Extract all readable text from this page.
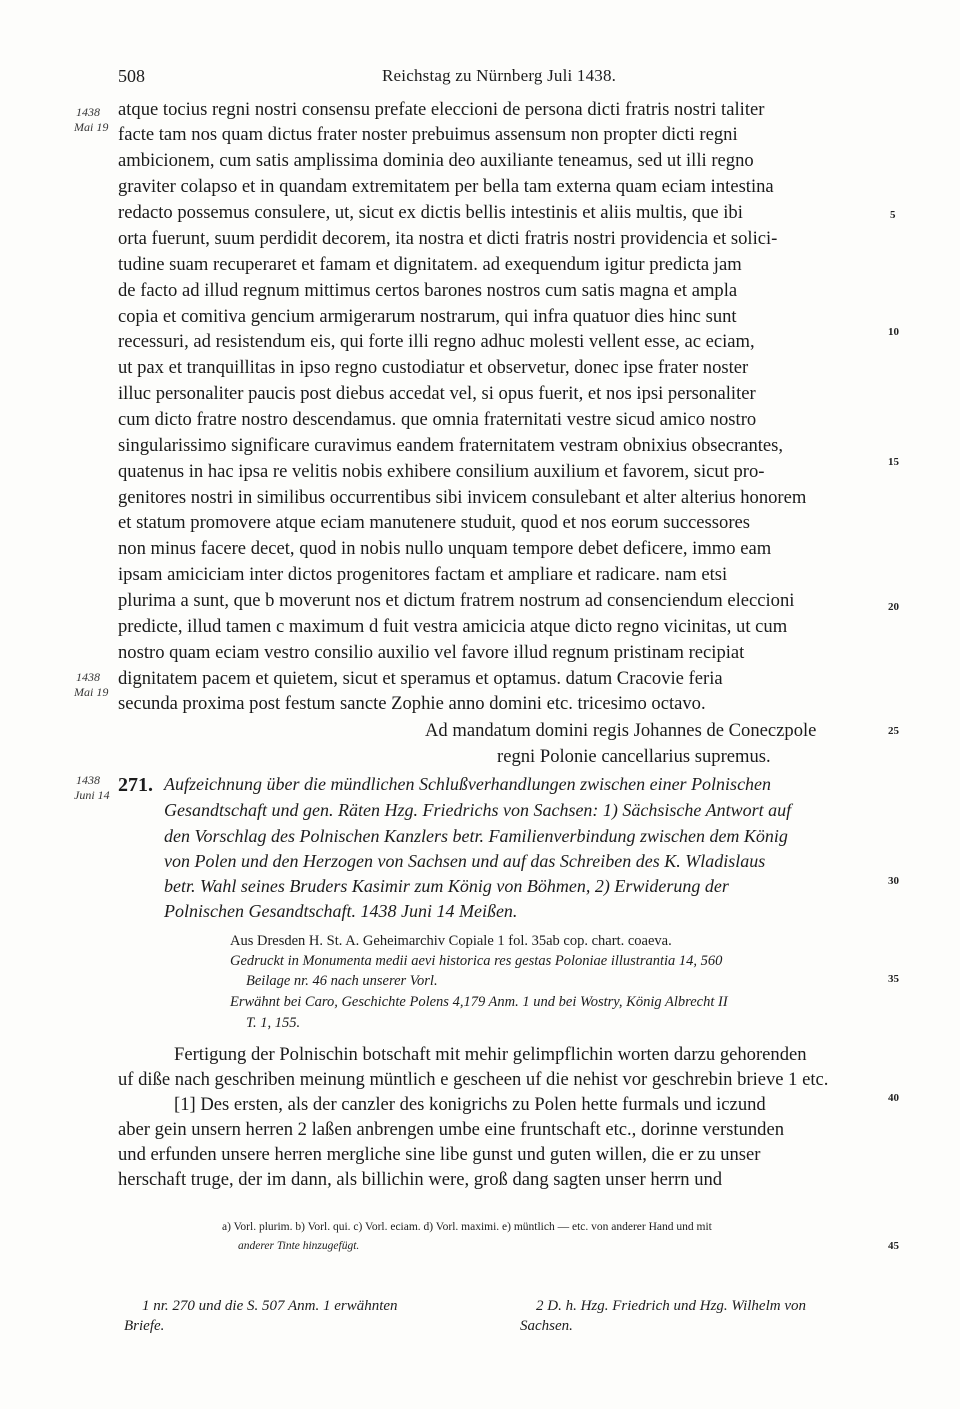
508	Reichstag zu Nürnberg Juli 1438.
1438
Mai 19
1438
Mai 19
1438
Juni 14
atque tocius regni nostri consensu prefate eleccioni de persona dicti fratris nostri taliter
facte tam nos quam dictus frater noster prebuimus assensum non propter dicti regni
ambicionem, cum satis amplissima dominia deo auxiliante teneamus, sed ut illi regno
graviter colapso et in quandam extremitatem per bella tam externa quam eciam intestina
redacto possemus consulere, ut, sicut ex dictis bellis intestinis et aliis multis, que ibi
orta fuerunt, suum perdidit decorem, ita nostra et dicti fratris nostri providencia et solici-
tudine suam recuperaret et famam et dignitatem. ad exequendum igitur predicta jam
de facto ad illud regnum mittimus certos barones nostros cum satis magna et ampla
copia et comitiva gencium armigerarum nostrarum, qui infra quatuor dies hinc sunt
recessuri, ad resistendum eis, qui forte illi regno adhuc molesti vellent esse, ac eciam,
ut pax et tranquillitas in ipso regno custodiatur et observetur, donec ipse frater noster
illuc personaliter paucis post diebus accedat vel, si opus fuerit, et nos ipsi personaliter
cum dicto fratre nostro descendamus. que omnia fraternitati vestre sicud amico nostro
singularissimo significare curavimus eandem fraternitatem vestram obnixius obsecrantes,
quatenus in hac ipsa re velitis nobis exhibere consilium auxilium et favorem, sicut pro-
genitores nostri in similibus occurrentibus sibi invicem consulebant et alter alterius honorem
et statum promovere atque eciam manutenere studuit, quod et nos eorum successores
non minus facere decet, quod in nobis nullo unquam tempore debet deficere, immo eam
ipsam amiciciam inter dictos progenitores factam et ampliare et radicare. nam etsi
plurima a sunt, que b moverunt nos et dictum fratrem nostrum ad consenciendum eleccioni
predicte, illud tamen c maximum d fuit vestra amicicia atque dicto regno vicinitas, ut cum
nostro quam eciam vestro consilio auxilio vel favore illud regnum pristinam recipiat
dignitatem pacem et quietem, sicut et speramus et optamus. datum Cracovie feria
secunda proxima post festum sancte Zophie anno domini etc. tricesimo octavo.
Ad mandatum domini regis Johannes de Coneczpole
regni Polonie cancellarius supremus.
5
10
15
20
25
30
35
40
45
271. Aufzeichnung über die mündlichen Schlußverhandlungen zwischen einer Polnischen
Gesandtschaft und gen. Räten Hzg. Friedrichs von Sachsen: 1) Sächsische Antwort auf
den Vorschlag des Polnischen Kanzlers betr. Familienverbindung zwischen dem König
von Polen und den Herzogen von Sachsen und auf das Schreiben des K. Wladislaus
betr. Wahl seines Bruders Kasimir zum König von Böhmen, 2) Erwiderung der
Polnischen Gesandtschaft. 1438 Juni 14 Meißen.
Aus Dresden H. St. A. Geheimarchiv Copiale 1 fol. 35ab cop. chart. coaeva.
Gedruckt in Monumenta medii aevi historica res gestas Poloniae illustrantia 14, 560
Beilage nr. 46 nach unserer Vorl.
Erwähnt bei Caro, Geschichte Polens 4,179 Anm. 1 und bei Wostry, König Albrecht II
T. 1, 155.
Fertigung der Polnischin botschaft mit mehir gelimpflichin worten darzu gehorenden
uf diße nach geschriben meinung müntlich e gescheen uf die nehist vor geschrebin brieve 1 etc.
[1] Des ersten, als der canzler des konigrichs zu Polen hette furmals und iczund
aber gein unsern herren 2 laßen anbrengen umbe eine fruntschaft etc., dorinne verstunden
und erfunden unsere herren mergliche sine libe gunst und guten willen, die er zu unser
herschaft truge, der im dann, als billichin were, groß dang sagten unser herrn und
a) Vorl. plurim. b) Vorl. qui. c) Vorl. eciam. d) Vorl. maximi. e) müntlich — etc. von anderer Hand und mit
anderer Tinte hinzugefügt.
1 nr. 270 und die S. 507 Anm. 1 erwähnten
Briefe.
2 D. h. Hzg. Friedrich und Hzg. Wilhelm von
Sachsen.
